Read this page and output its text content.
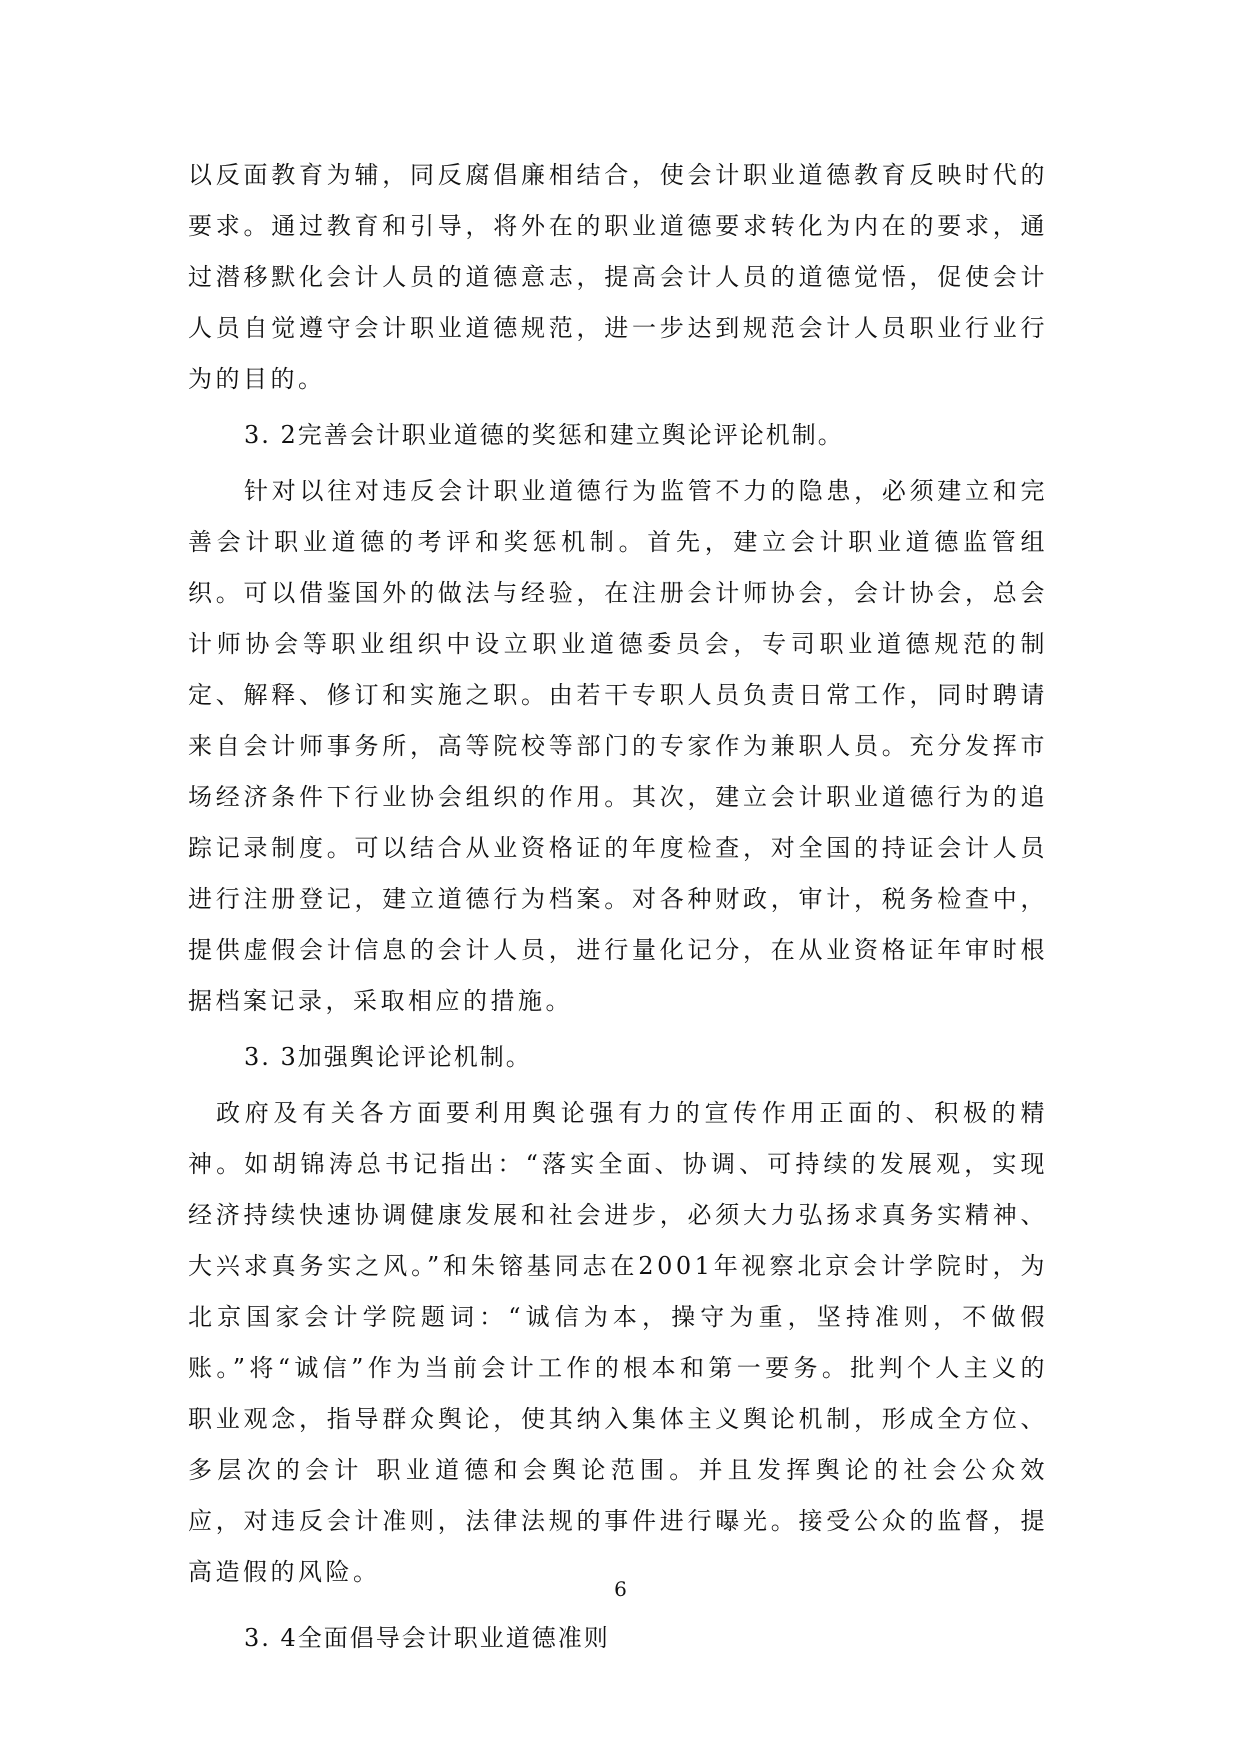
以反面教育为辅，同反腐倡廉相结合，使会计职业道德教育反映时代的要求。通过教育和引导，将外在的职业道德要求转化为内在的要求，通过潜移默化会计人员的道德意志，提高会计人员的道德觉悟，促使会计人员自觉遵守会计职业道德规范，进一步达到规范会计人员职业行业行为的目的。

3. 2完善会计职业道德的奖惩和建立舆论评论机制。

针对以往对违反会计职业道德行为监管不力的隐患，必须建立和完善会计职业道德的考评和奖惩机制。首先，建立会计职业道德监管组织。可以借鉴国外的做法与经验，在注册会计师协会，会计协会，总会计师协会等职业组织中设立职业道德委员会，专司职业道德规范的制定、解释、修订和实施之职。由若干专职人员负责日常工作，同时聘请来自会计师事务所，高等院校等部门的专家作为兼职人员。充分发挥市场经济条件下行业协会组织的作用。其次，建立会计职业道德行为的追踪记录制度。可以结合从业资格证的年度检查，对全国的持证会计人员进行注册登记，建立道德行为档案。对各种财政，审计，税务检查中，提供虚假会计信息的会计人员，进行量化记分，在从业资格证年审时根据档案记录，采取相应的措施。

3. 3加强舆论评论机制。

政府及有关各方面要利用舆论强有力的宣传作用正面的、积极的精神。如胡锦涛总书记指出：“落实全面、协调、可持续的发展观，实现经济持续快速协调健康发展和社会进步，必须大力弘扬求真务实精神、大兴求真务实之风。”和朱镕基同志在2001年视察北京会计学院时，为北京国家会计学院题词：“诚信为本，操守为重，坚持准则，不做假账。”将“诚信”作为当前会计工作的根本和第一要务。批判个人主义的职业观念，指导群众舆论，使其纳入集体主义舆论机制，形成全方位、多层次的会计 职业道德和会舆论范围。并且发挥舆论的社会公众效应，对违反会计准则，法律法规的事件进行曝光。接受公众的监督，提高造假的风险。

3. 4全面倡导会计职业道德准则

6
